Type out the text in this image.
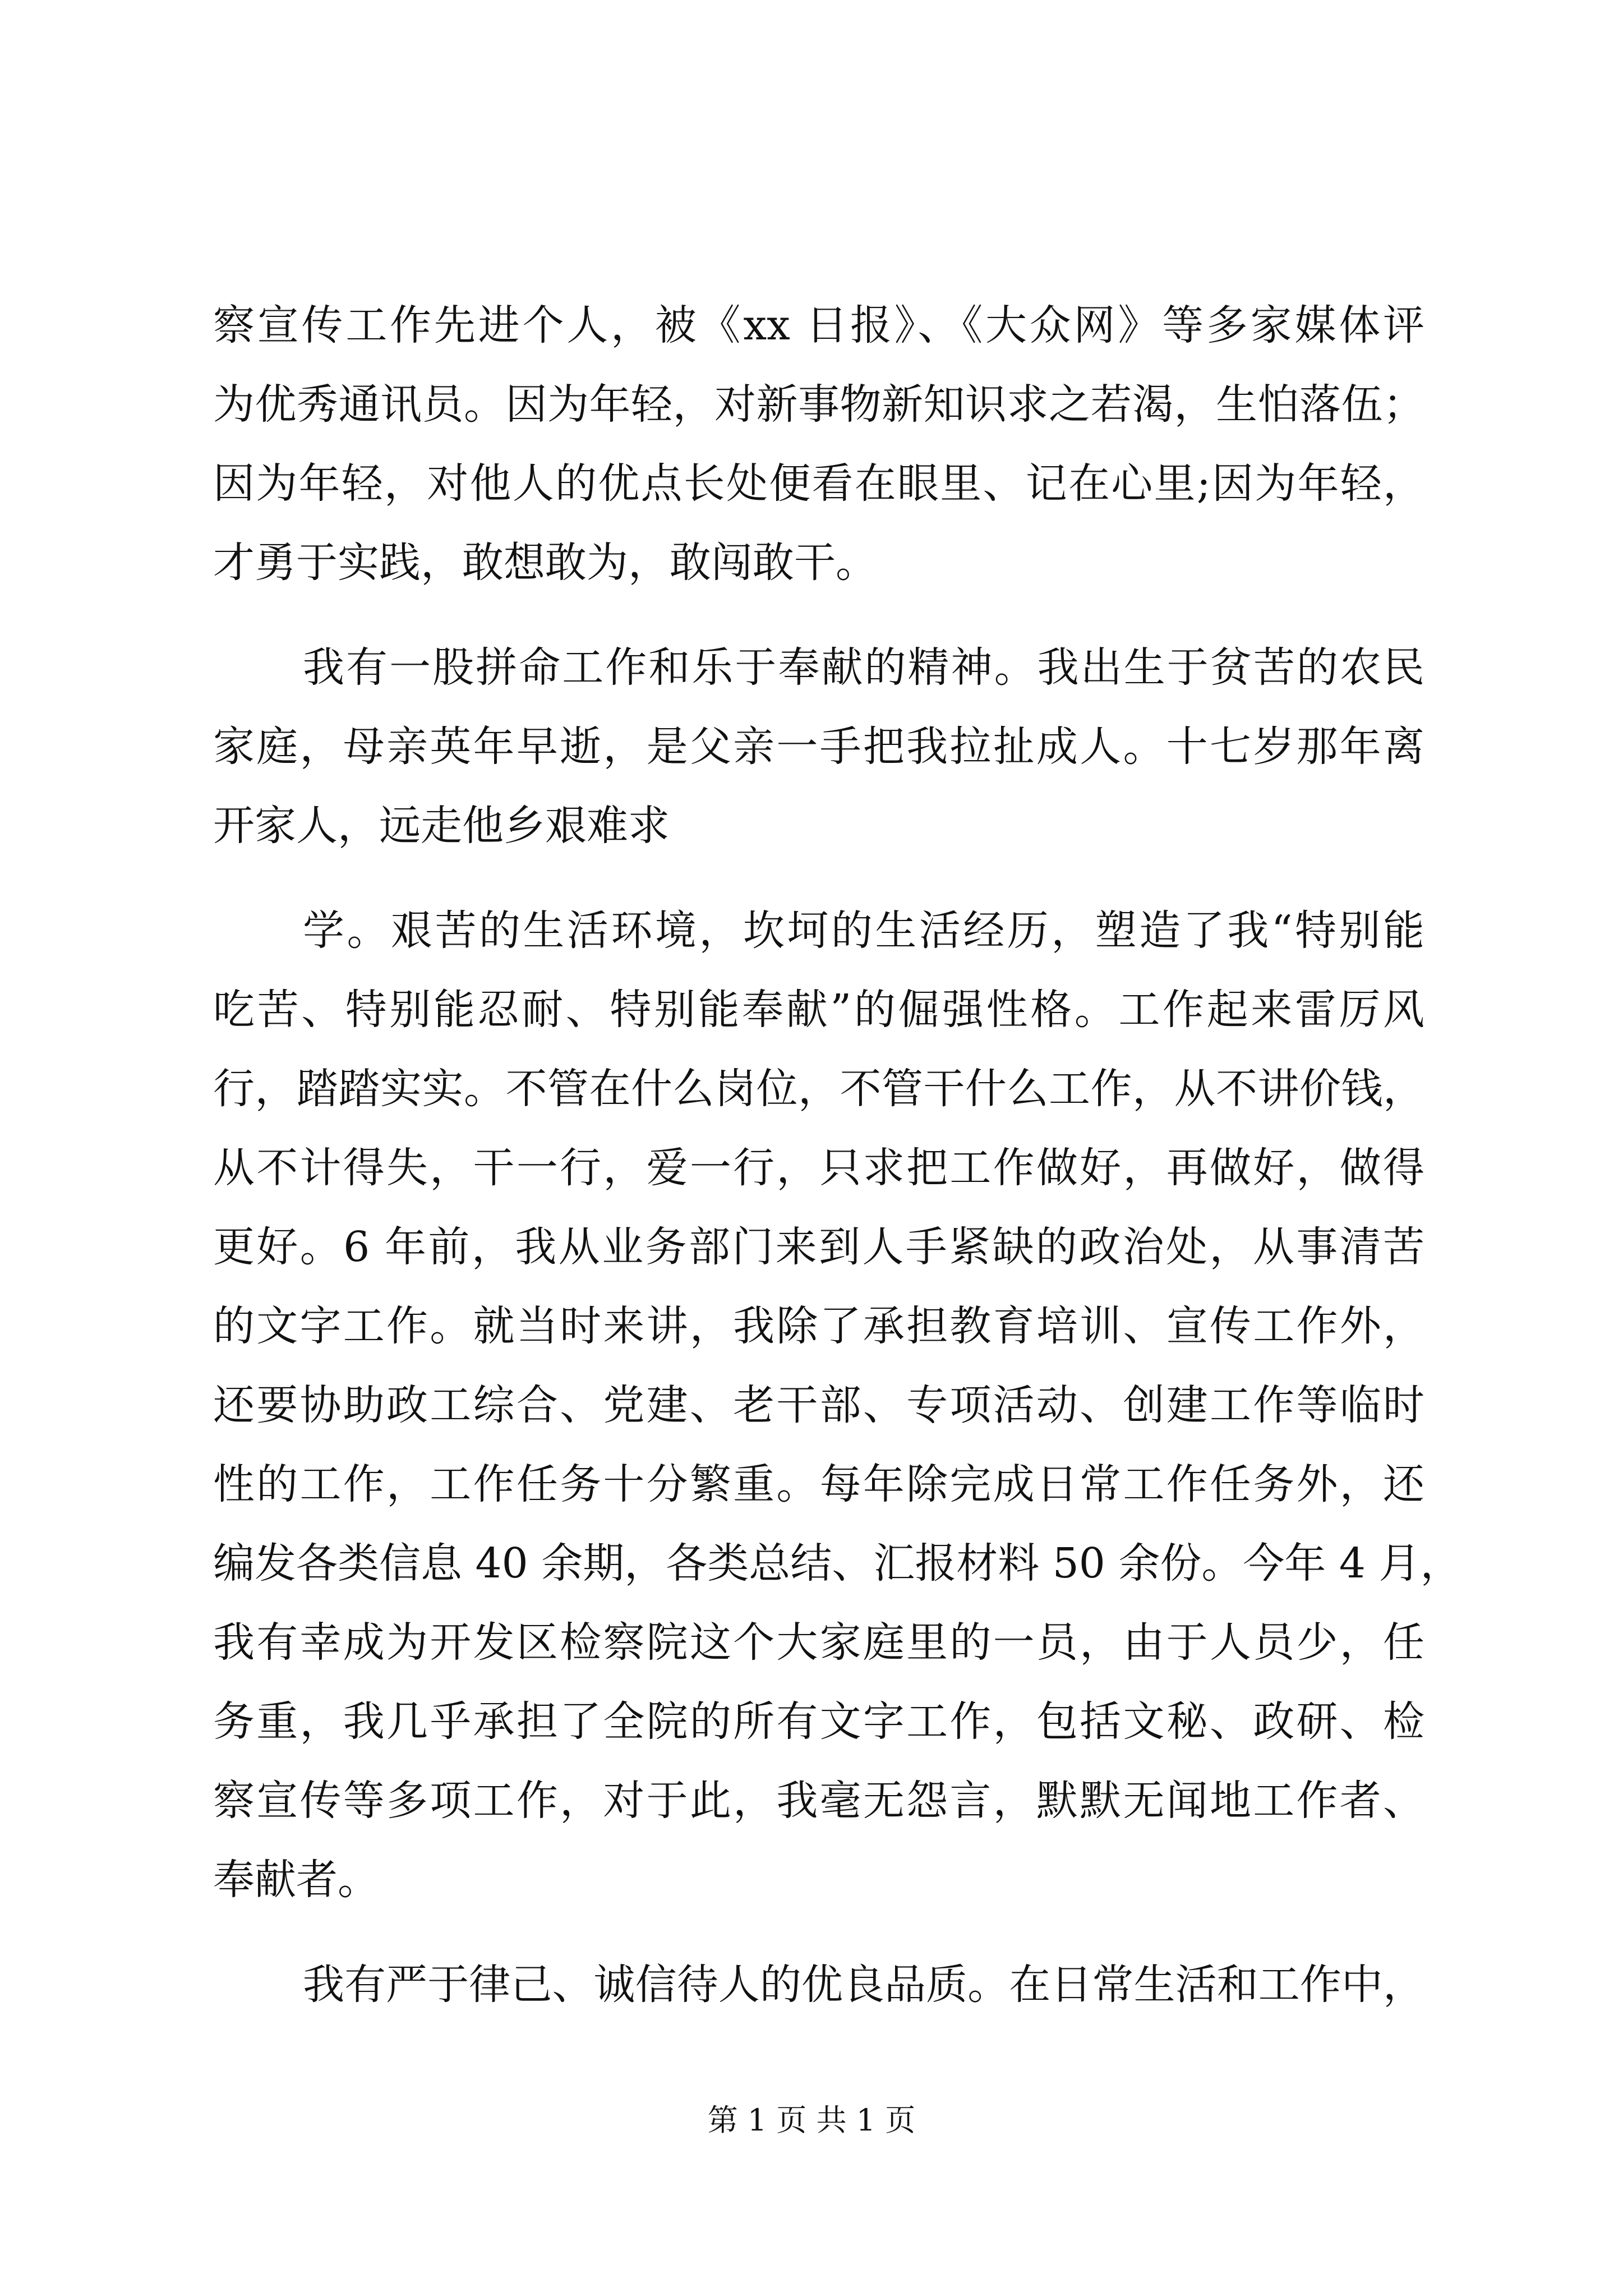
察宣传工作先进个人，被《xx 日报》、《大众网》等多家媒体评
为优秀通讯员。因为年轻，对新事物新知识求之若渴，生怕落伍；
因为年轻，对他人的优点长处便看在眼里、记在心里;因为年轻，
才勇于实践，敢想敢为，敢闯敢干。
我有一股拼命工作和乐于奉献的精神。我出生于贫苦的农民
家庭，母亲英年早逝，是父亲一手把我拉扯成人。十七岁那年离
开家人，远走他乡艰难求
学。艰苦的生活环境，坎坷的生活经历，塑造了我“特别能
吃苦、特别能忍耐、特别能奉献”的倔强性格。工作起来雷厉风
行，踏踏实实。不管在什么岗位，不管干什么工作，从不讲价钱，
从不计得失，干一行，爱一行，只求把工作做好，再做好，做得
更好。6 年前，我从业务部门来到人手紧缺的政治处，从事清苦
的文字工作。就当时来讲，我除了承担教育培训、宣传工作外，
还要协助政工综合、党建、老干部、专项活动、创建工作等临时
性的工作，工作任务十分繁重。每年除完成日常工作任务外，还
编发各类信息 40 余期，各类总结、汇报材料 50 余份。今年 4 月，
我有幸成为开发区检察院这个大家庭里的一员，由于人员少，任
务重，我几乎承担了全院的所有文字工作，包括文秘、政研、检
察宣传等多项工作，对于此，我毫无怨言，默默无闻地工作者、
奉献者。
我有严于律己、诚信待人的优良品质。在日常生活和工作中，
第 1 页 共 1 页
